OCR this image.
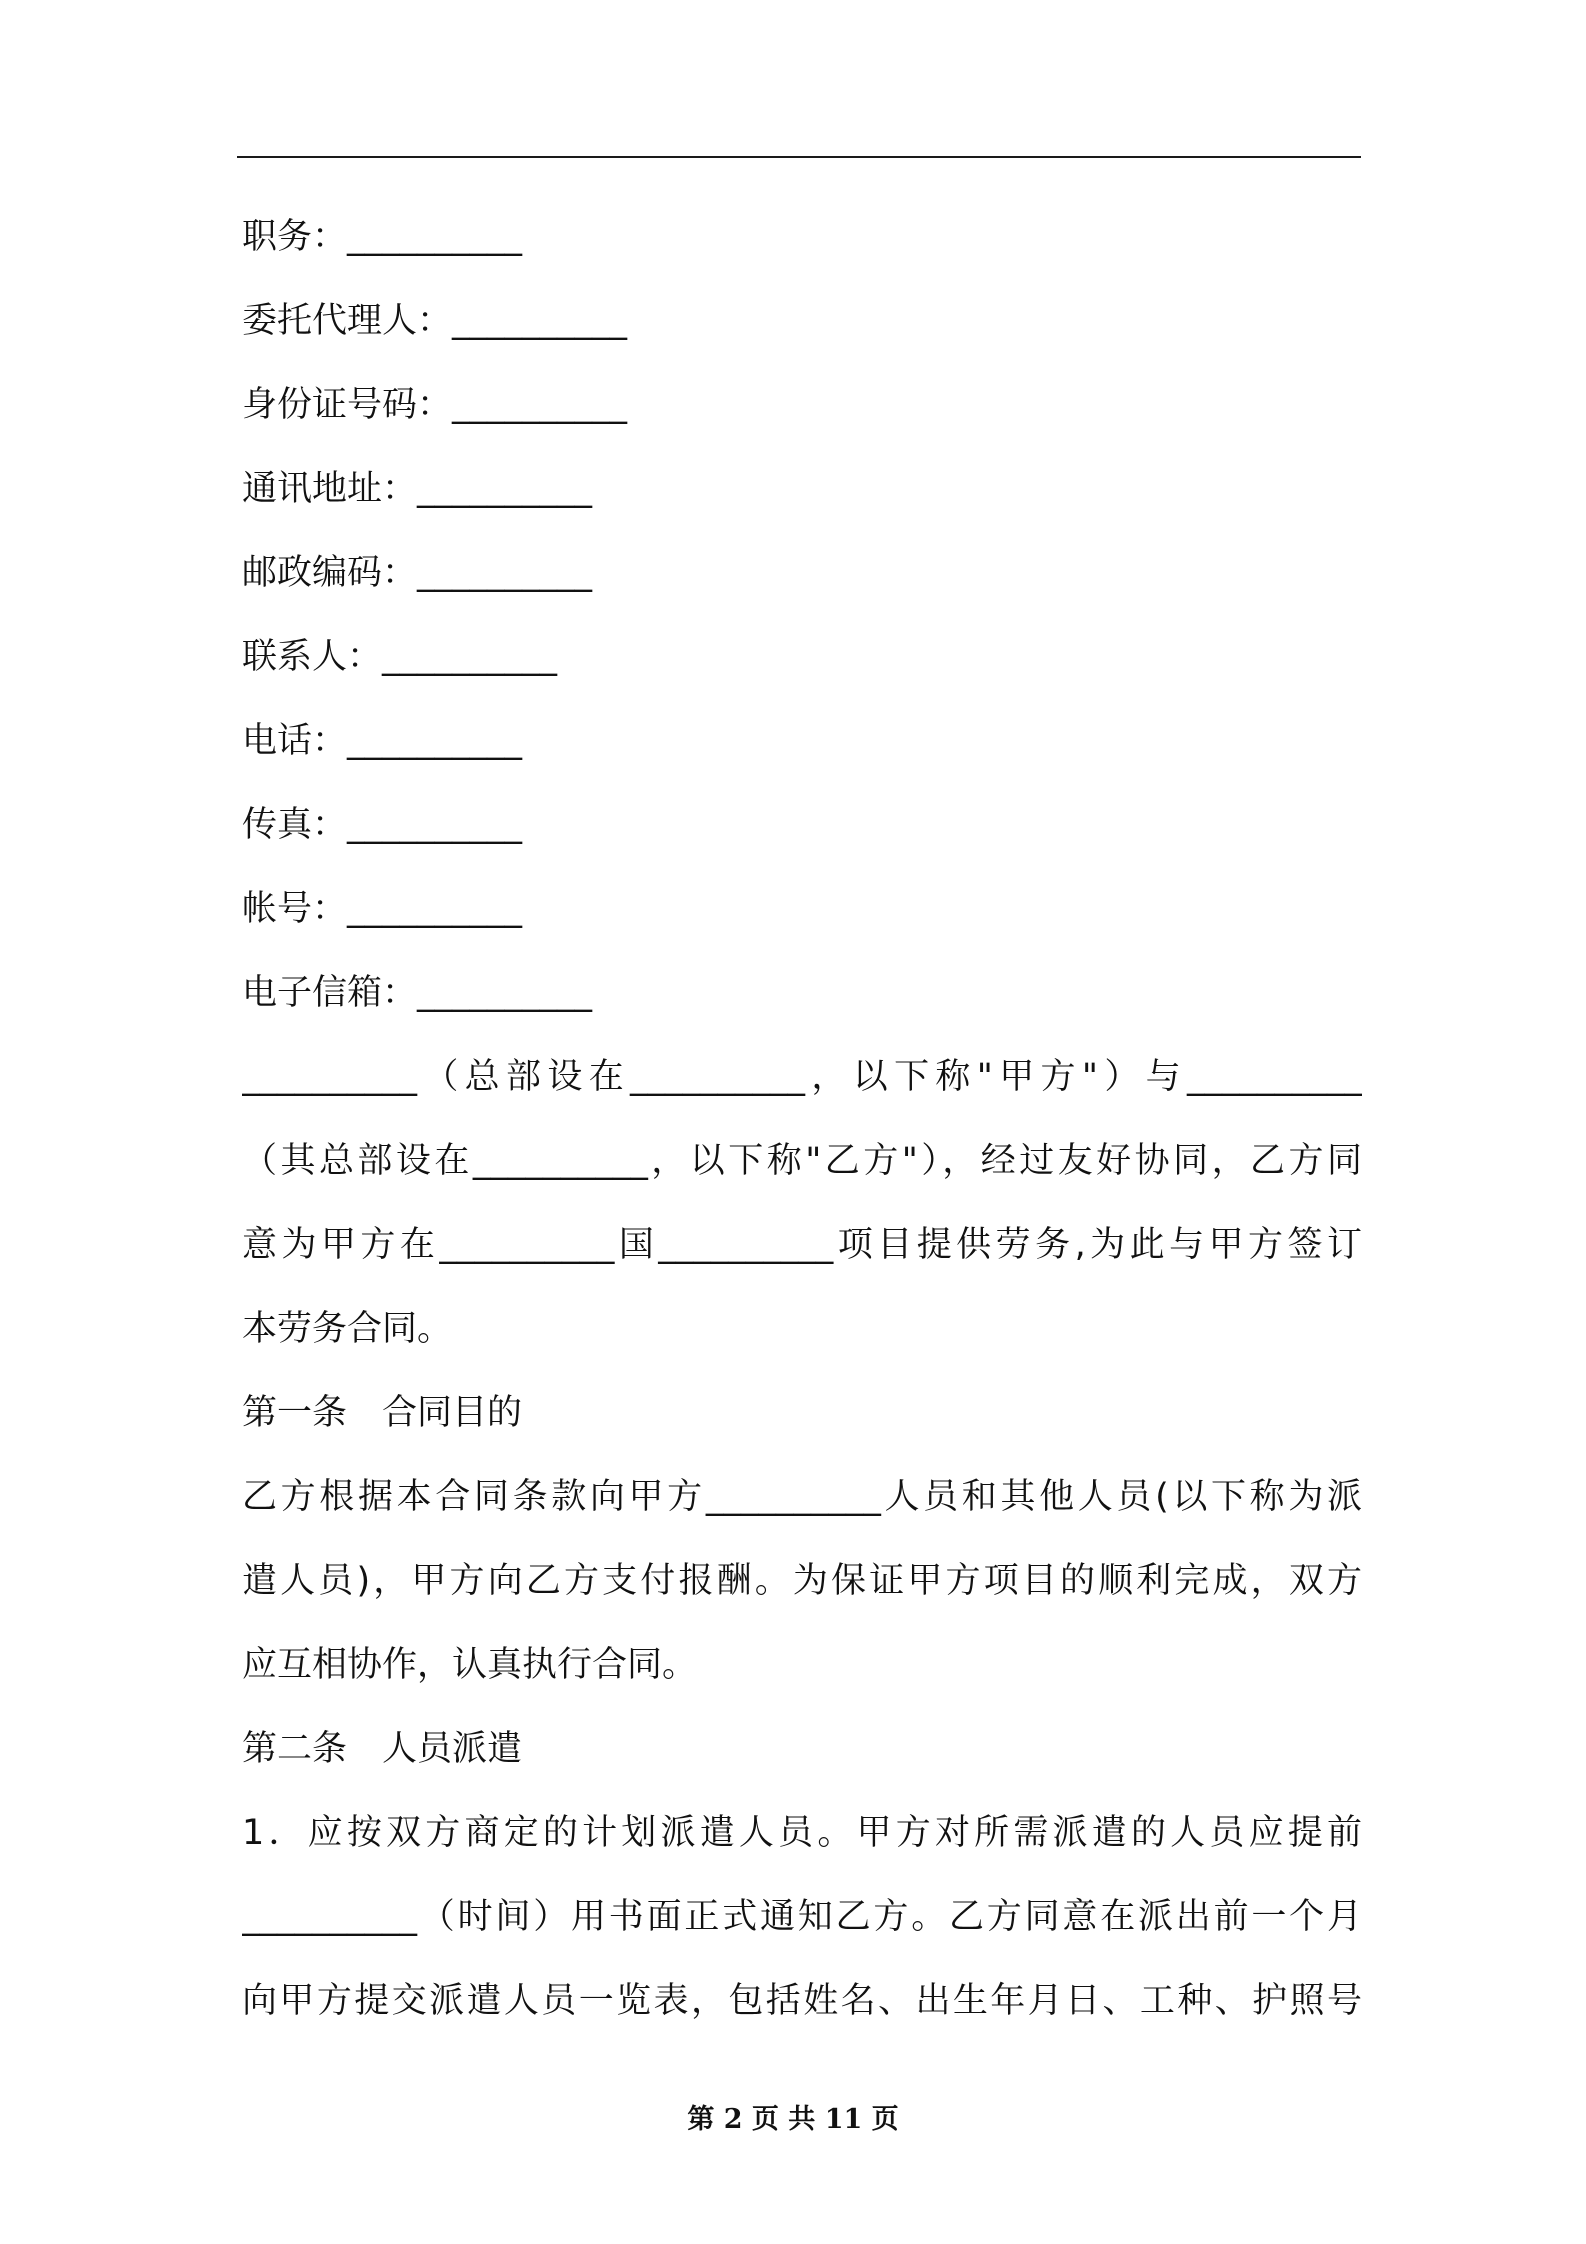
职务：__________
委托代理人：__________
身份证号码：__________
通讯地址：__________
邮政编码：__________
联系人：__________
电话：__________
传真：__________
帐号：__________
电子信箱：__________
__________（总部设在__________，以下称"甲方"）与__________
（其总部设在__________，以下称"乙方"），经过友好协同，乙方同
意为甲方在__________国__________项目提供劳务,为此与甲方签订
本劳务合同。
第一条　合同目的
乙方根据本合同条款向甲方__________人员和其他人员(以下称为派
遣人员)，甲方向乙方支付报酬。为保证甲方项目的顺利完成，双方
应互相协作，认真执行合同。
第二条　人员派遣
1．应按双方商定的计划派遣人员。甲方对所需派遣的人员应提前
__________（时间）用书面正式通知乙方。乙方同意在派出前一个月
向甲方提交派遣人员一览表，包括姓名、出生年月日、工种、护照号
第 2 页 共 11 页
